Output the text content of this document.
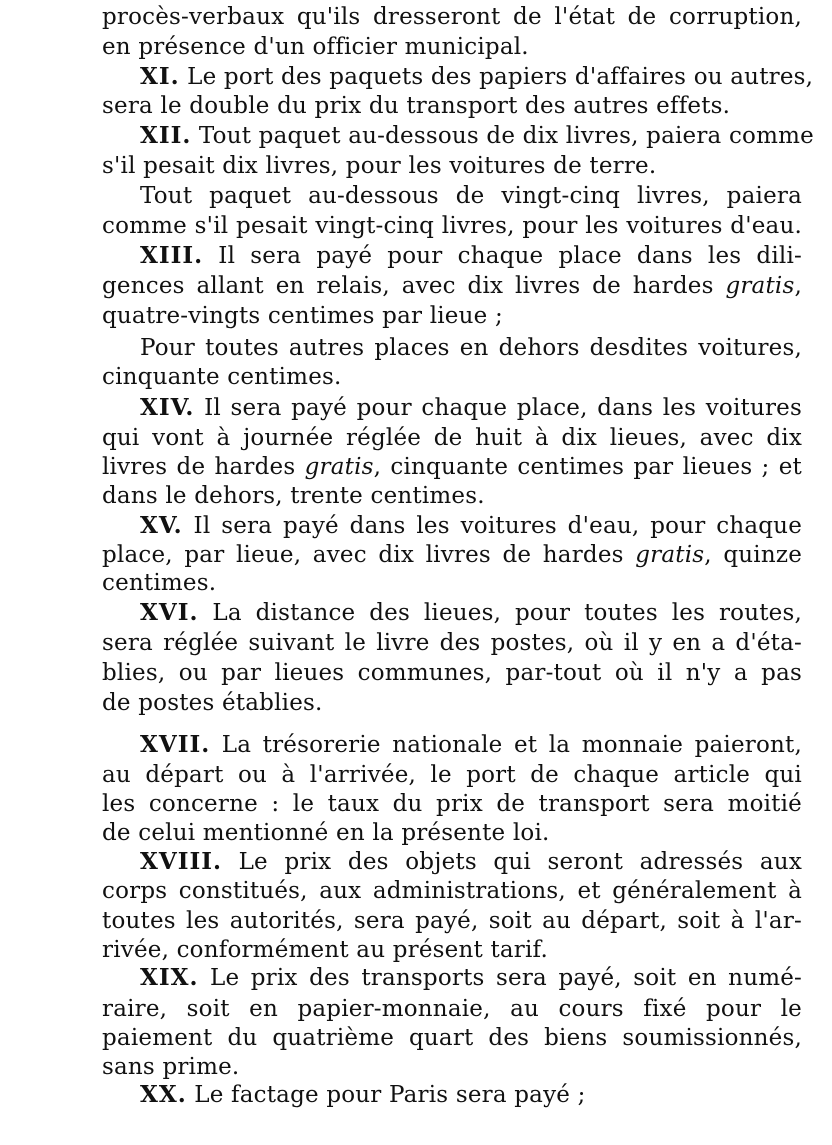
procès-verbaux qu'ils dresseront de l'état de corruption,
en présence d'un officier municipal.
XI. Le port des paquets des papiers d'affaires ou autres,
sera le double du prix du transport des autres effets.
XII. Tout paquet au-dessous de dix livres, paiera comme
s'il pesait dix livres, pour les voitures de terre.
Tout paquet au-dessous de vingt-cinq livres, paiera
comme s'il pesait vingt-cinq livres, pour les voitures d'eau.
XIII. Il sera payé pour chaque place dans les dili-
gences allant en relais, avec dix livres de hardes gratis,
quatre-vingts centimes par lieue ;
Pour toutes autres places en dehors desdites voitures,
cinquante centimes.
XIV. Il sera payé pour chaque place, dans les voitures
qui vont à journée réglée de huit à dix lieues, avec dix
livres de hardes gratis, cinquante centimes par lieues ; et
dans le dehors, trente centimes.
XV. Il sera payé dans les voitures d'eau, pour chaque
place, par lieue, avec dix livres de hardes gratis, quinze
centimes.
XVI. La distance des lieues, pour toutes les routes,
sera réglée suivant le livre des postes, où il y en a d'éta-
blies, ou par lieues communes, par-tout où il n'y a pas
de postes établies.
XVII. La trésorerie nationale et la monnaie paieront,
au départ ou à l'arrivée, le port de chaque article qui
les concerne : le taux du prix de transport sera moitié
de celui mentionné en la présente loi.
XVIII. Le prix des objets qui seront adressés aux
corps constitués, aux administrations, et généralement à
toutes les autorités, sera payé, soit au départ, soit à l'ar-
rivée, conformément au présent tarif.
XIX. Le prix des transports sera payé, soit en numé-
raire, soit en papier-monnaie, au cours fixé pour le
paiement du quatrième quart des biens soumissionnés,
sans prime.
XX. Le factage pour Paris sera payé ;
